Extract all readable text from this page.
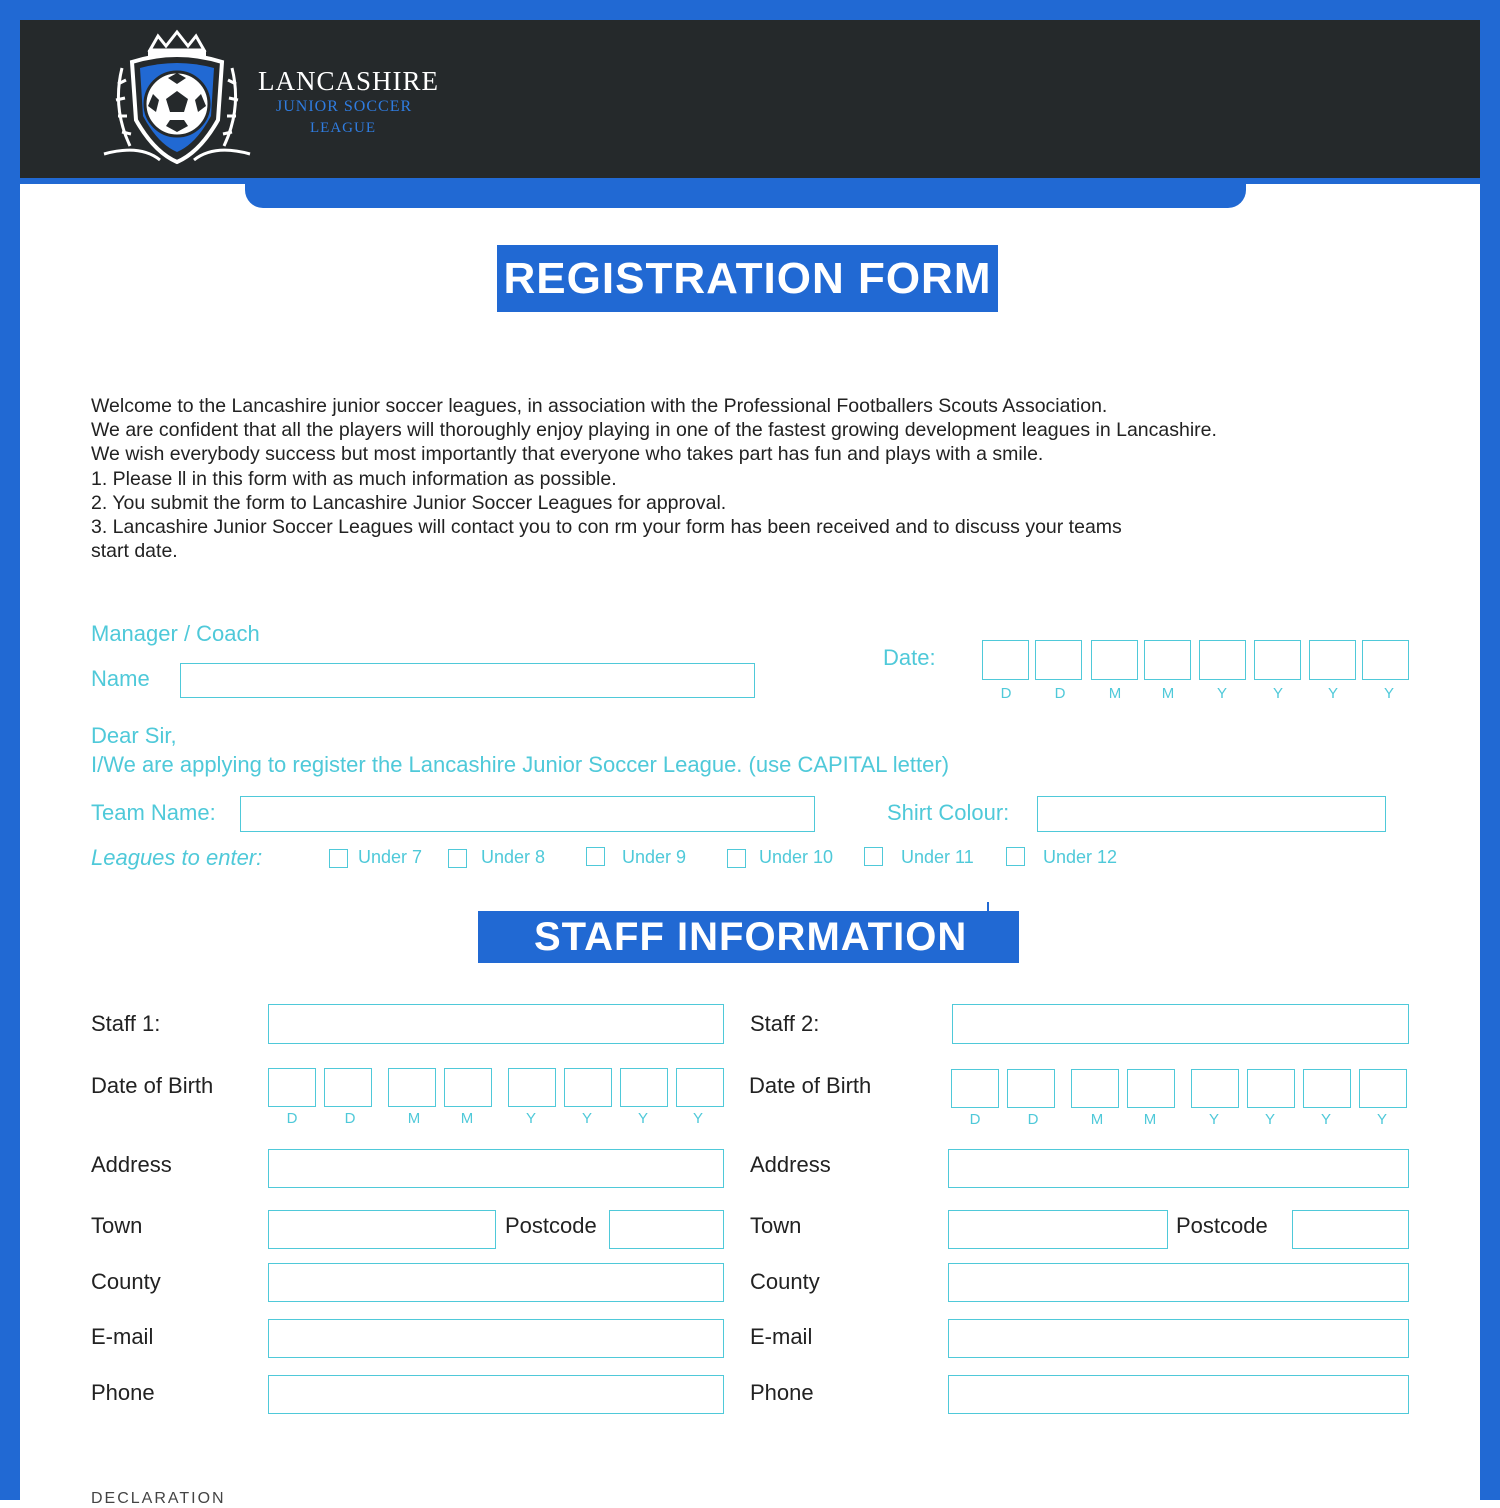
LANCASHIRE
JUNIOR SOCCER
LEAGUE
REGISTRATION FORM
Welcome to the Lancashire junior soccer leagues, in association with the Professional Footballers Scouts Association.
We are confident that all the players will thoroughly enjoy playing in one of the fastest growing development leagues in Lancashire.
We wish everybody success but most importantly that everyone who takes part has fun and plays with a smile.
1. Please ll in this form with as much information as possible.
2. You submit the form to Lancashire Junior Soccer Leagues for approval.
3. Lancashire Junior Soccer Leagues will contact you to con rm your form has been received and to discuss your teams
start date.
Manager / Coach
Name
Date:
D	D	M	M	Y	Y	Y	Y
Dear Sir,
I/We are applying to register the Lancashire Junior Soccer League. (use CAPITAL letter)
Team Name:	Shirt Colour:
Leagues to enter:	Under 7	Under 8	Under 9	Under 10	Under 11	Under 12
STAFF INFORMATION
Staff 1:
Date of Birth
D	D	M	M	Y	Y	Y	Y
Address
Town	Postcode
County
E-mail
Phone
Staff 2:
Date of Birth
D	D	M	M	Y	Y	Y	Y
Address
Town	Postcode
County
E-mail
Phone
DECLARATION
